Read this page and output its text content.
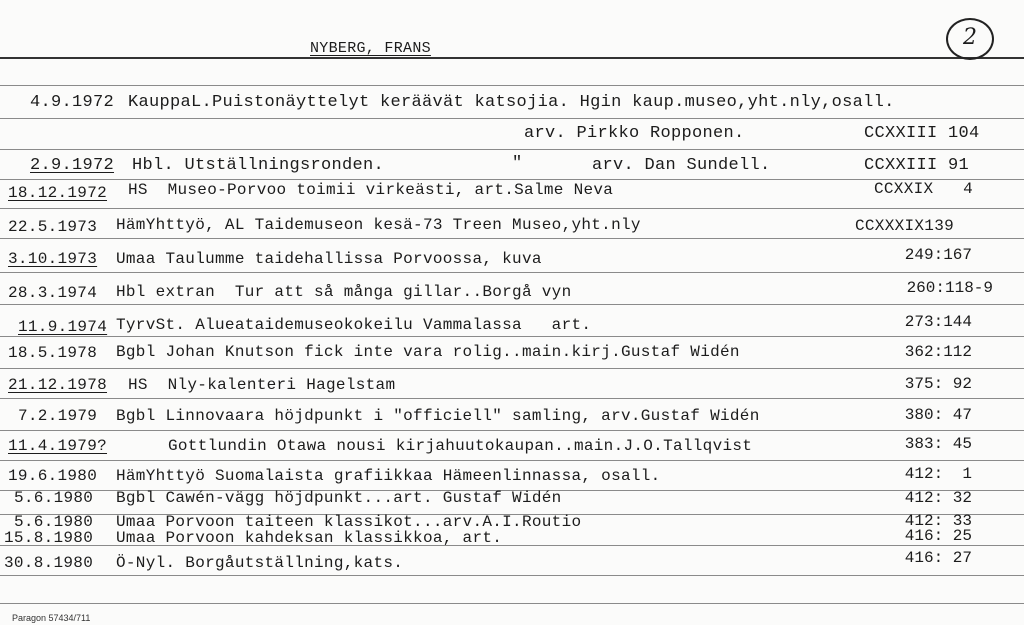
NYBERG, FRANS	2
4.9.1972 KauppaL.Puistonäyttelyt keräävät katsojia. Hgin kaup.museo,yht.nly,osall.
arv. Pirkko Ropponen.	CCXXIII 104
2.9.1972 Hbl. Utställningsronden.	"	arv. Dan Sundell.	CCXXIII 91
18.12.1972 HS  Museo-Porvoo toimii virkeästi, art.Salme Neva	CCXXIX   4
22.5.1973 HämYhttyö, AL Taidemuseon kesä-73 Treen Museo,yht.nly	CCXXXIX139
3.10.1973 Umaa Taulumme taidehallissa Porvoossa, kuva	249:167
28.3.1974 Hbl extran  Tur att så många gillar..Borgå vyn	260:118-9
11.9.1974 TyrvSt. Alueataidemuseokokeilu Vammalassa   art.	273:144
18.5.1978 Bgbl Johan Knutson fick inte vara rolig..main.kirj.Gustaf Widén	362:112
21.12.1978 HS  Nly-kalenteri Hagelstam	375: 92
7.2.1979 Bgbl Linnovaara höjdpunkt i "officiell" samling, arv.Gustaf Widén	380: 47
11.4.1979?	Gottlundin Otawa nousi kirjahuutokaupan..main.J.O.Tallqvist	383: 45
19.6.1980 HämYhttyö Suomalaista grafiikkaa Hämeenlinnassa, osall.	412:  1
5.6.1980 Bgbl Cawén-vägg höjdpunkt...art. Gustaf Widén	412: 32
5.6.1980 Umaa Porvoon taiteen klassikot...arv.A.I.Routio	412: 33
15.8.1980 Umaa Porvoon kahdeksan klassikkoa, art.	416: 25
30.8.1980 Ö-Nyl. Borgåutställning,kats.	416: 27
Paragon 57434/711
